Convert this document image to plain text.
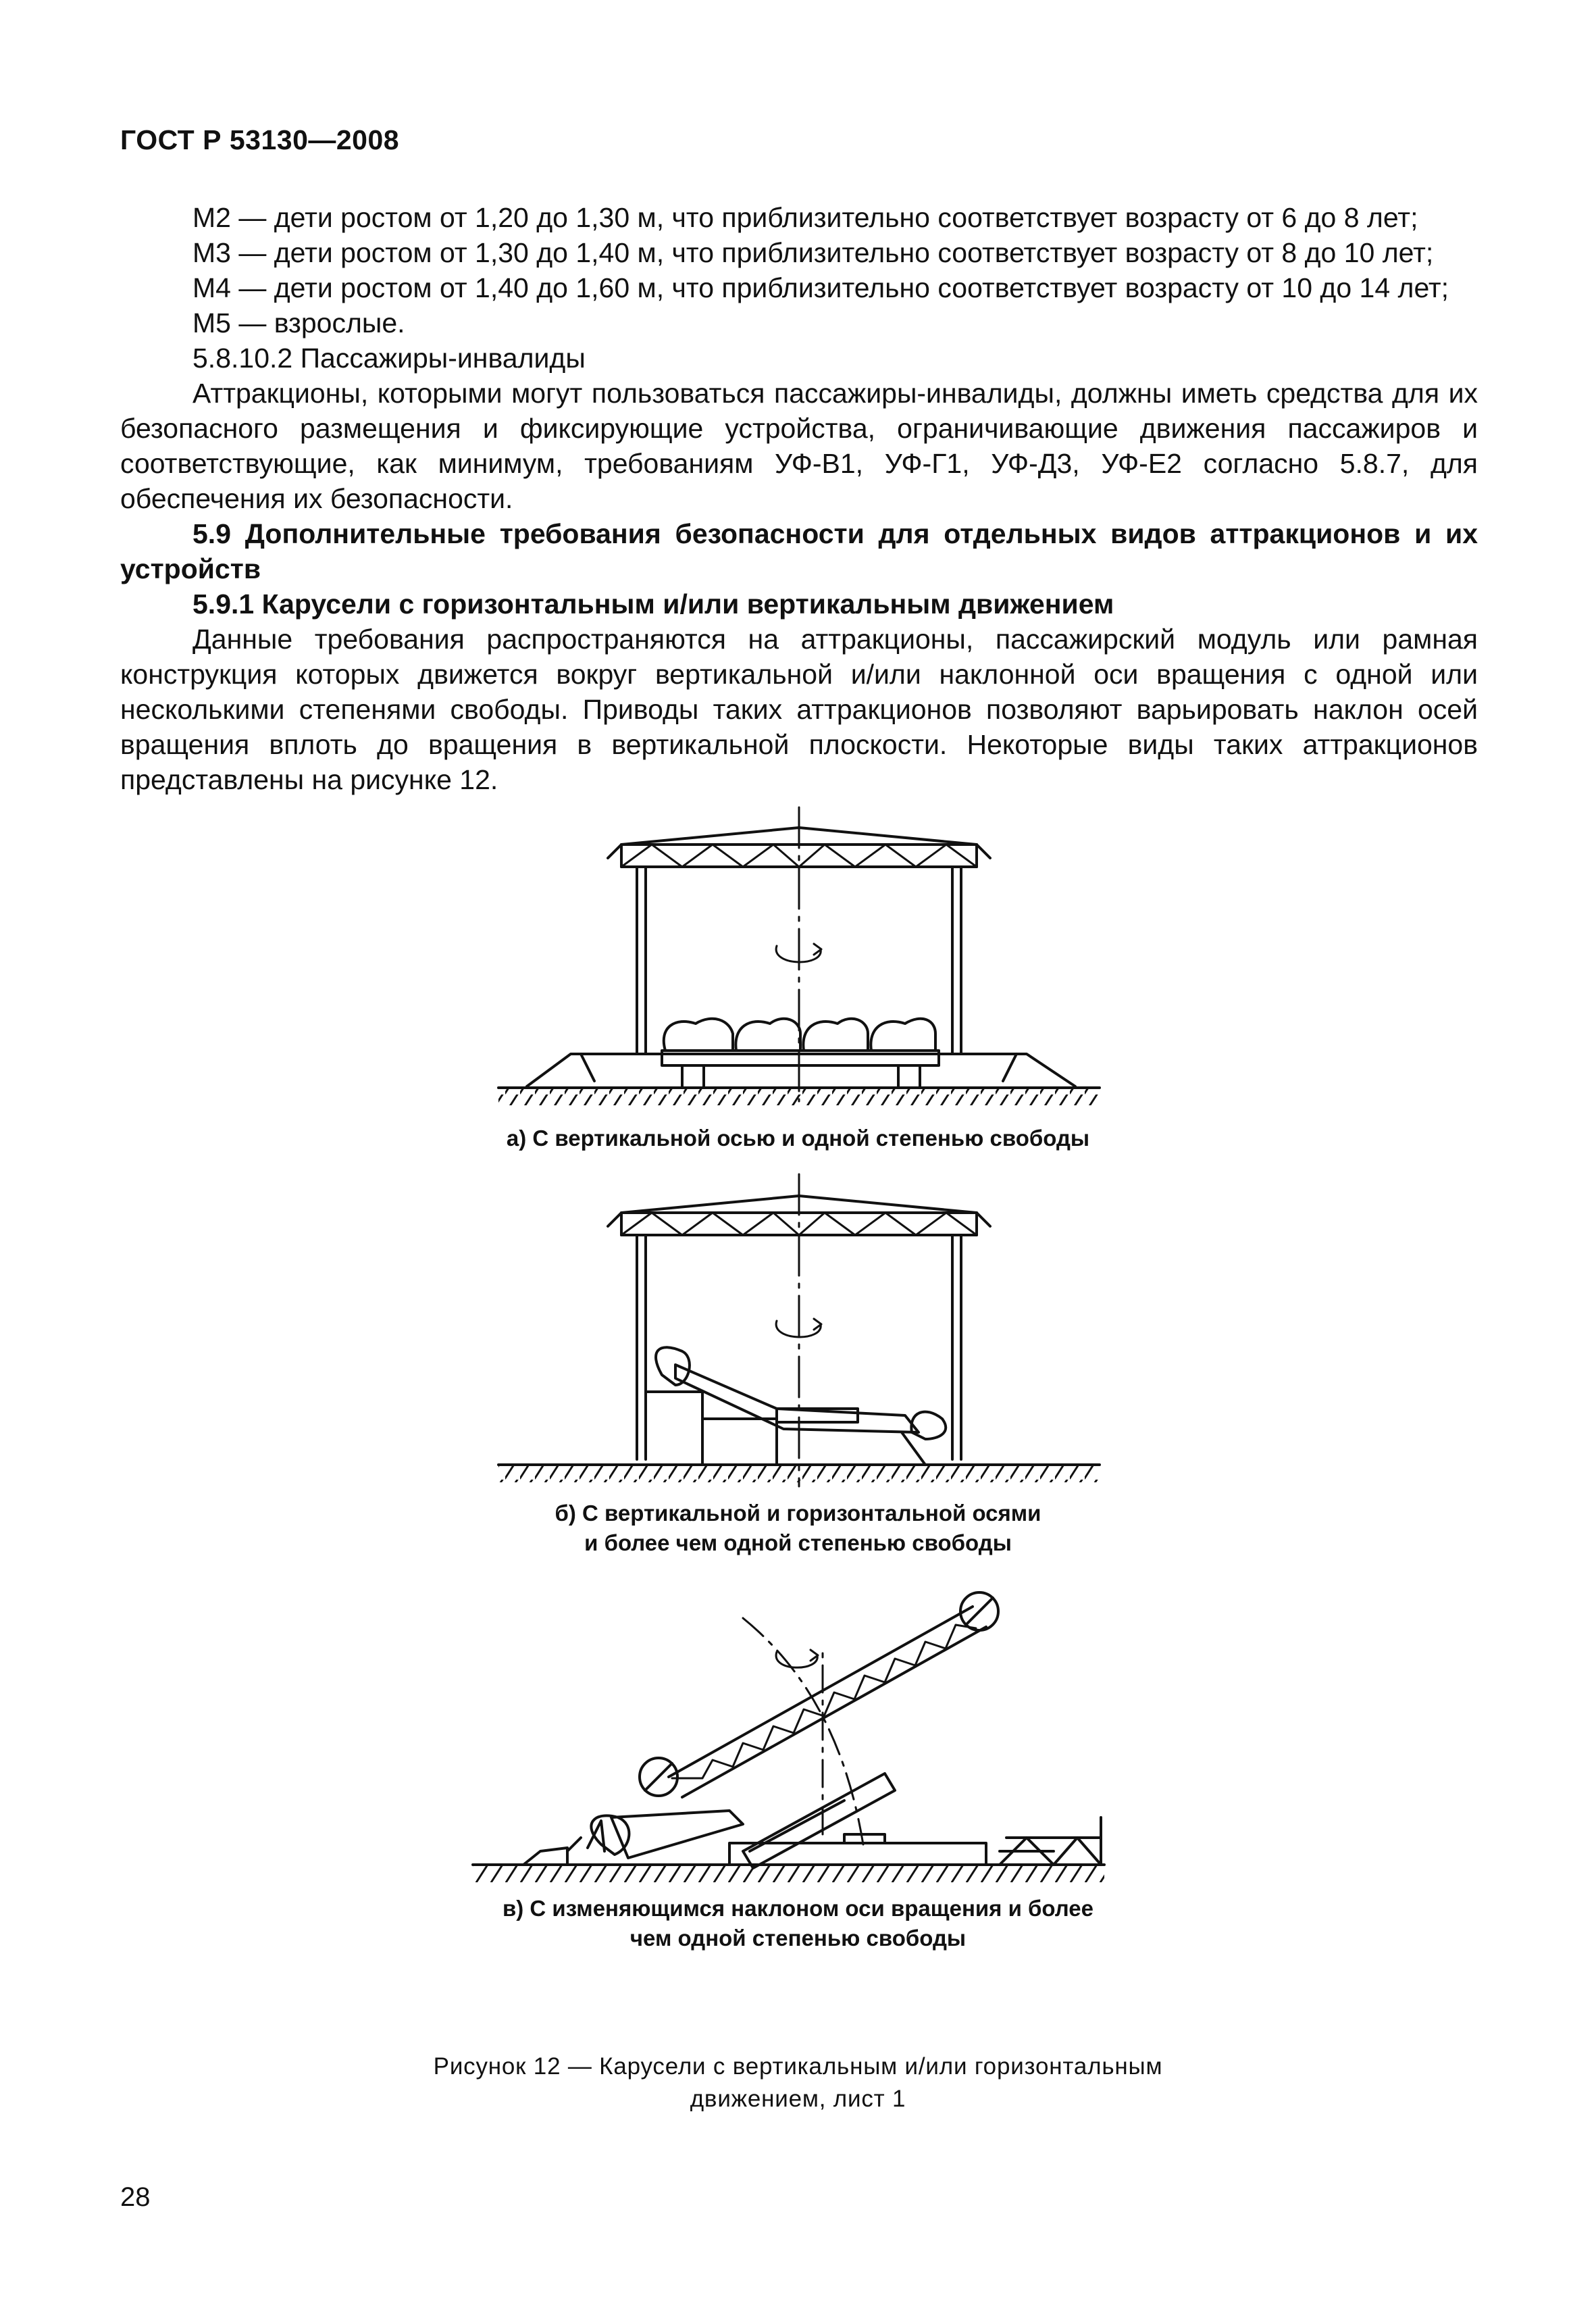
ГОСТ Р 53130—2008

М2 — дети ростом от 1,20 до 1,30 м, что приблизительно соответствует возрасту от 6 до 8 лет;

М3 — дети ростом от 1,30 до 1,40 м, что приблизительно соответствует возрасту от 8 до 10 лет;

М4 — дети ростом от 1,40 до 1,60 м, что приблизительно соответствует возрасту от 10 до 14 лет;

М5 — взрослые.

5.8.10.2 Пассажиры-инвалиды

Аттракционы, которыми могут пользоваться пассажиры-инвалиды, должны иметь средства для их безопасного размещения и фиксирующие устройства, ограничивающие движения пассажиров и соответствующие, как минимум, требованиям УФ-В1, УФ-Г1, УФ-Д3, УФ-Е2 согласно 5.8.7, для обеспечения их безопасности.

5.9 Дополнительные требования безопасности для отдельных видов аттракционов и их устройств

5.9.1 Карусели с горизонтальным и/или вертикальным движением

Данные требования распространяются на аттракционы, пассажирский модуль или рамная конструкция которых движется вокруг вертикальной и/или наклонной оси вращения с одной или несколькими степенями свободы. Приводы таких аттракционов позволяют варьировать наклон осей вращения вплоть до вращения в вертикальной плоскости. Некоторые виды таких аттракционов представлены на рисунке 12.

а) С вертикальной осью и одной степенью свободы
б) С вертикальной и горизонтальной осями
и более чем одной степенью свободы
в) С изменяющимся наклоном оси вращения и более
чем одной степенью свободы
Рисунок 12 — Карусели с вертикальным и/или горизонтальным
движением, лист 1
28
